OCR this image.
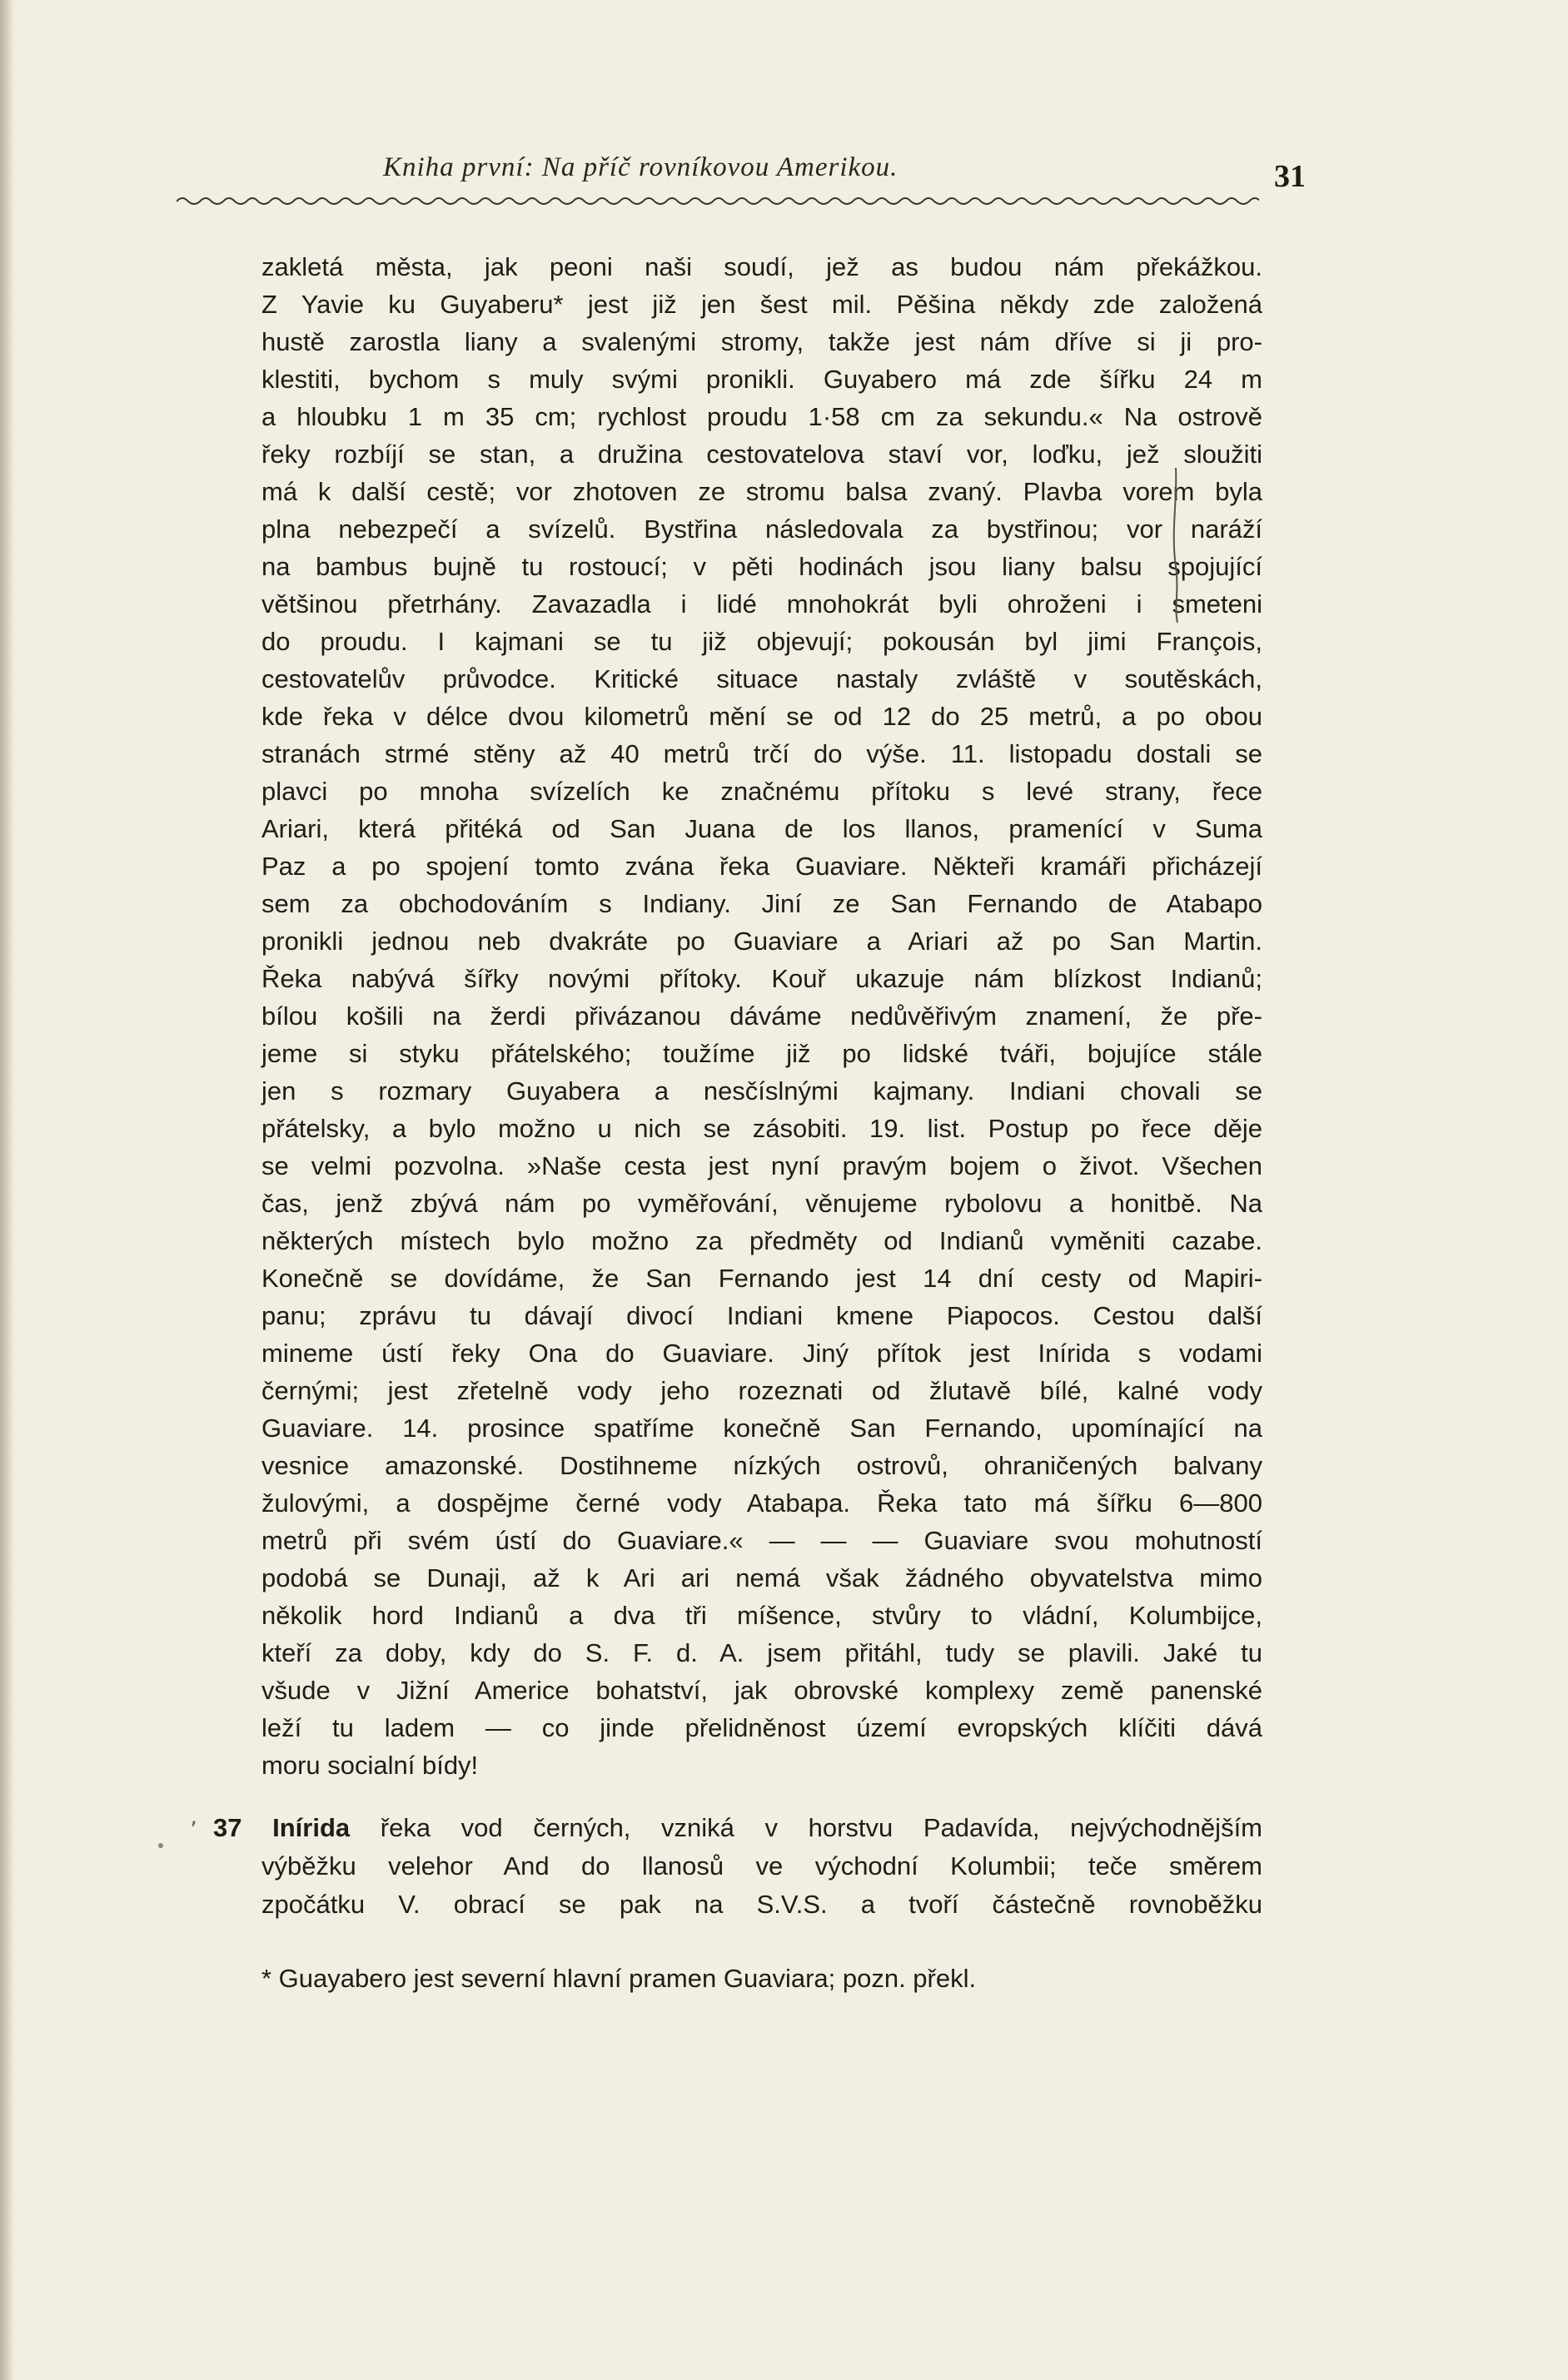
Kniha první: Na příč rovníkovou Amerikou.	31
zakletá města, jak peoni naši soudí, jež as budou nám překážkou.
Z Yavie ku Guyaberu* jest již jen šest mil. Pěšina někdy zde založená
hustě zarostla liany a svalenými stromy, takže jest nám dříve si ji pro-
klestiti, bychom s muly svými pronikli. Guyabero má zde šířku 24 m
a hloubku 1 m 35 cm; rychlost proudu 1·58 cm za sekundu.« Na ostrově
řeky rozbíjí se stan, a družina cestovatelova staví vor, loďku, jež sloužiti
má k další cestě; vor zhotoven ze stromu balsa zvaný. Plavba vorem byla
plna nebezpečí a svízelů. Bystřina následovala za bystřinou; vor naráží
na bambus bujně tu rostoucí; v pěti hodinách jsou liany balsu spojující
většinou přetrhány. Zavazadla i lidé mnohokrát byli ohroženi i smeteni
do proudu. I kajmani se tu již objevují; pokousán byl jimi François,
cestovatelův průvodce. Kritické situace nastaly zvláště v soutěskách,
kde řeka v délce dvou kilometrů mění se od 12 do 25 metrů, a po obou
stranách strmé stěny až 40 metrů trčí do výše. 11. listopadu dostali se
plavci po mnoha svízelích ke značnému přítoku s levé strany, řece
Ariari, která přitéká od San Juana de los llanos, pramenící v Suma
Paz a po spojení tomto zvána řeka Guaviare. Někteři kramáři přicházejí
sem za obchodováním s Indiany. Jiní ze San Fernando de Atabapo
pronikli jednou neb dvakráte po Guaviare a Ariari až po San Martin.
Řeka nabývá šířky novými přítoky. Kouř ukazuje nám blízkost Indianů;
bílou košili na žerdi přivázanou dáváme nedůvěřivým znamení, že pře-
jeme si styku přátelského; toužíme již po lidské tváři, bojujíce stále
jen s rozmary Guyabera a nesčíslnými kajmany. Indiani chovali se
přátelsky, a bylo možno u nich se zásobiti. 19. list. Postup po řece děje
se velmi pozvolna. »Naše cesta jest nyní pravým bojem o život. Všechen
čas, jenž zbývá nám po vyměřování, věnujeme rybolovu a honitbě. Na
některých místech bylo možno za předměty od Indianů vyměniti cazabe.
Konečně se dovídáme, že San Fernando jest 14 dní cesty od Mapiri-
panu; zprávu tu dávají divocí Indiani kmene Piapocos. Cestou další
mineme ústí řeky Ona do Guaviare. Jiný přítok jest Inírida s vodami
černými; jest zřetelně vody jeho rozeznati od žlutavě bílé, kalné vody
Guaviare. 14. prosince spatříme konečně San Fernando, upomínající na
vesnice amazonské. Dostihneme nízkých ostrovů, ohraničených balvany
žulovými, a dospějme černé vody Atabapa. Řeka tato má šířku 6—800
metrů při svém ústí do Guaviare.« — — — Guaviare svou mohutností
podobá se Dunaji, až k Ari ari nemá však žádného obyvatelstva mimo
několik hord Indianů a dva tři míšence, stvůry to vládní, Kolumbijce,
kteří za doby, kdy do S. F. d. A. jsem přitáhl, tudy se plavili. Jaké tu
všude v Jižní Americe bohatství, jak obrovské komplexy země panenské
leží tu ladem — co jinde přelidněnost území evropských klíčiti dává
moru socialní bídy!
ʼ 37 Inírida řeka vod černých, vzniká v horstvu Padavída, nejvýchodnějším
výběžku velehor And do llanosů ve východní Kolumbii; teče směrem
zpočátku V. obrací se pak na S.V.S. a tvoří částečně rovnoběžku
* Guayabero jest severní hlavní pramen Guaviara; pozn. překl.
